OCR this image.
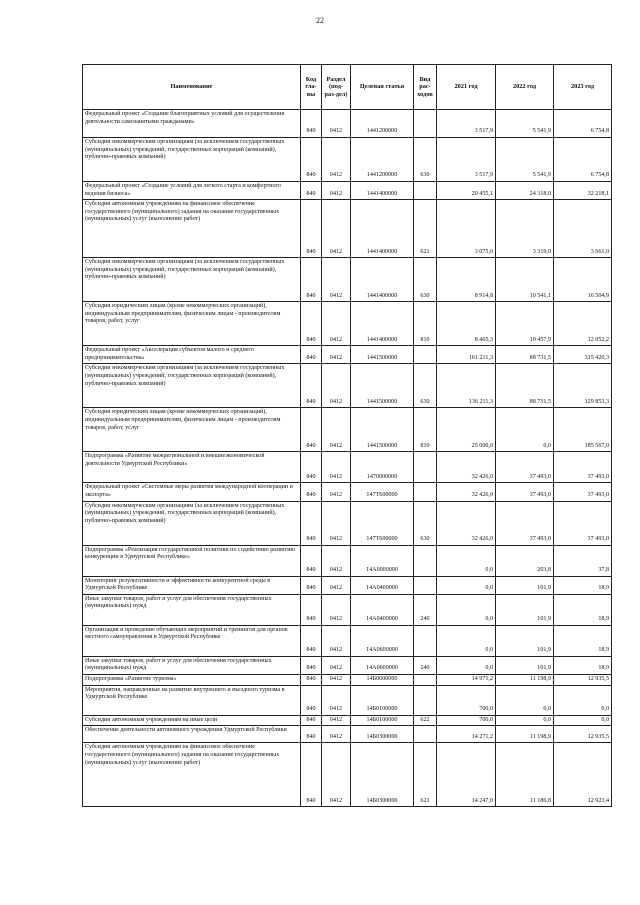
22
Наименование	Код гла-вы	Раздел (под-раз-дел)	Целевая статья	Вид рас-ходов	2021 год	2022 год	2023 год
Федеральный проект «Создание благоприятных условий для осуществления деятельности самозанятыми гражданами»	840	0412	1441200000		3 517,9	5 541,9	6 754,8
Субсидии некоммерческим организациям (за исключением государственных (муниципальных) учреждений, государственных корпораций (компаний), публично-правовых компаний)	840	0412	1441200000	630	3 517,9	5 541,9	6 754,8
Федеральный проект «Создание условий для легкого старта и комфортного ведения бизнеса»	840	0412	1441400000		20 455,1	24 318,0	32 218,1
Субсидии автономным учреждениям на финансовое обеспечение государственного (муниципального) задания на оказание государственных (муниципальных) услуг (выполнение работ)	840	0412	1441400000	621	3 075,0	3 319,0	3 661,0
Субсидии некоммерческим организациям (за исключением государственных (муниципальных) учреждений, государственных корпораций (компаний), публично-правовых компаний)	840	0412	1441400000	630	8 914,8	10 541,1	16 504,9
Субсидии юридическим лицам (кроме некоммерческих организаций), индивидуальным предпринимателям, физическим лицам - производителям товаров, работ, услуг	840	0412	1441400000	810	8 465,3	10 457,9	12 052,2
Федеральный проект «Акселерация субъектов малого и среднего предпринимательства»	840	0412	1441500000		161 211,3	88 731,5	315 420,3
Субсидии некоммерческим организациям (за исключением государственных (муниципальных) учреждений, государственных корпораций (компаний), публично-правовых компаний)	840	0412	1441500000	630	136 211,3	88 731,5	129 853,3
Субсидии юридическим лицам (кроме некоммерческих организаций), индивидуальным предпринимателям, физическим лицам - производителям товаров, работ, услуг	840	0412	1441500000	810	25 000,0	0,0	185 567,0
Подпрограмма «Развитие межрегиональной и внешнеэкономической деятельности Удмуртской Республики»	840	0412	1470000000		32 426,0	37 493,0	37 493,0
Федеральный проект «Системные меры развития международной кооперации и экспорта»	840	0412	147T600000		32 426,0	37 493,0	37 493,0
Субсидии некоммерческим организациям (за исключением государственных (муниципальных) учреждений, государственных корпораций (компаний), публично-правовых компаний)	840	0412	147T600000	630	32 426,0	37 493,0	37 493,0
Подпрограмма «Реализация государственной политики по содействию развитию конкуренции в Удмуртской Республике»	840	0412	14A0000000		0,0	203,8	37,8
Мониторинг результативности и эффективности конкурентной среды в Удмуртской Республике	840	0412	14A0400000		0,0	101,9	18,9
Иные закупки товаров, работ и услуг для обеспечения государственных (муниципальных) нужд	840	0412	14A0400000	240	0,0	101,9	18,9
Организация и проведение обучающих мероприятий и тренингов для органов местного самоуправления в Удмуртской Республике	840	0412	14A0600000		0,0	101,9	18,9
Иные закупки товаров, работ и услуг для обеспечения государственных (муниципальных) нужд	840	0412	14A0600000	240	0,0	101,9	18,9
Подпрограмма «Развитие туризма»	840	0412	14Б0000000		14 971,2	11 198,9	12 935,5
Мероприятия, направленные на развитие внутреннего и въездного туризма в Удмуртской Республике	840	0412	14Б0100000		700,0	0,0	0,0
Субсидии автономным учреждениям на иные цели	840	0412	14Б0100000	622	700,0	0,0	0,0
Обеспечение деятельности автономного учреждения Удмуртской Республики	840	0412	14Б0300000		14 271,2	11 198,9	12 935,5
Субсидии автономным учреждениям на финансовое обеспечение государственного (муниципального) задания на оказание государственных (муниципальных) услуг (выполнение работ)	840	0412	14Б0300000	621	14 247,0	11 186,8	12 923,4
